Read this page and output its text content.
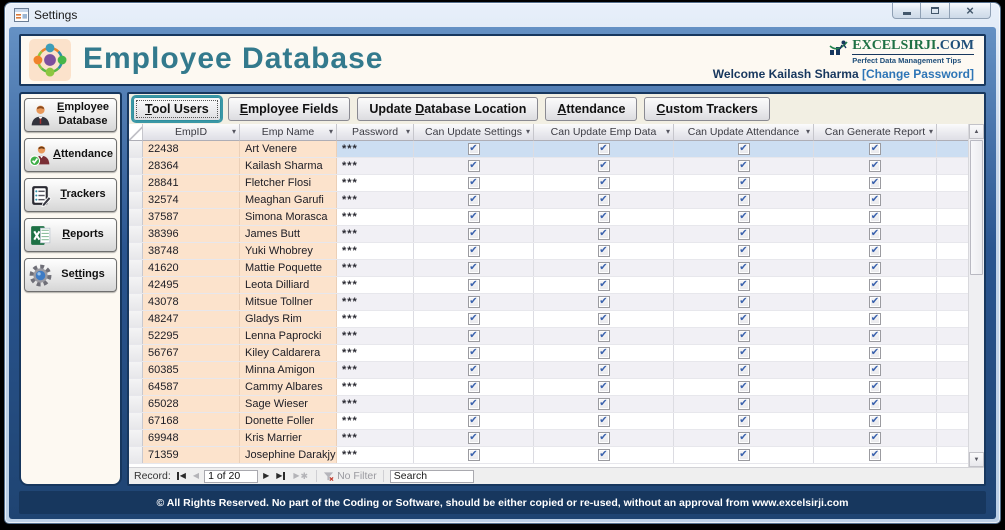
Settings	×
Employee Database	EXCELSIRJI.COM
Perfect Data Management Tips
Welcome Kailash Sharma [Change Password]
Employee
Database
Attendance
Trackers
Reports
Settings
Tool Users Employee Fields Update Database Location Attendance Custom Trackers
EmpID	▾ Emp Name ▾ Password ▾ Can Update Settings ▾ Can Update Emp Data ▾ Can Update Attendance ▾ Can Generate Report ▾
22438	Art Venere	***	✔	✔	✔	✔
28364	Kailash Sharma	***	✔	✔	✔	✔
28841	Fletcher Flosi	***	✔	✔	✔	✔
32574	Meaghan Garufi	***	✔	✔	✔	✔
37587	Simona Morasca	***	✔	✔	✔	✔
38396	James Butt	***	✔	✔	✔	✔
38748	Yuki Whobrey	***	✔	✔	✔	✔
41620	Mattie Poquette	***	✔	✔	✔	✔
42495	Leota Dilliard	***	✔	✔	✔	✔
43078	Mitsue Tollner	***	✔	✔	✔	✔
48247	Gladys Rim	***	✔	✔	✔	✔
52295	Lenna Paprocki	***	✔	✔	✔	✔
56767	Kiley Caldarera	***	✔	✔	✔	✔
60385	Minna Amigon	***	✔	✔	✔	✔
64587	Cammy Albares	***	✔	✔	✔	✔
65028	Sage Wieser	***	✔	✔	✔	✔
67168	Donette Foller	***	✔	✔	✔	✔
69948	Kris Marrier	***	✔	✔	✔	✔
71359	Josephine Darakjy ***	✔	✔	✔	✔
▲
▼
Record: ◀ ◀ 1 of 20	▶ ▶ ▶ ✱	No Filter
Search
© All Rights Reserved. No part of the Coding or Software, should be either copied or re-used, without an approval from www.excelsirji.com
